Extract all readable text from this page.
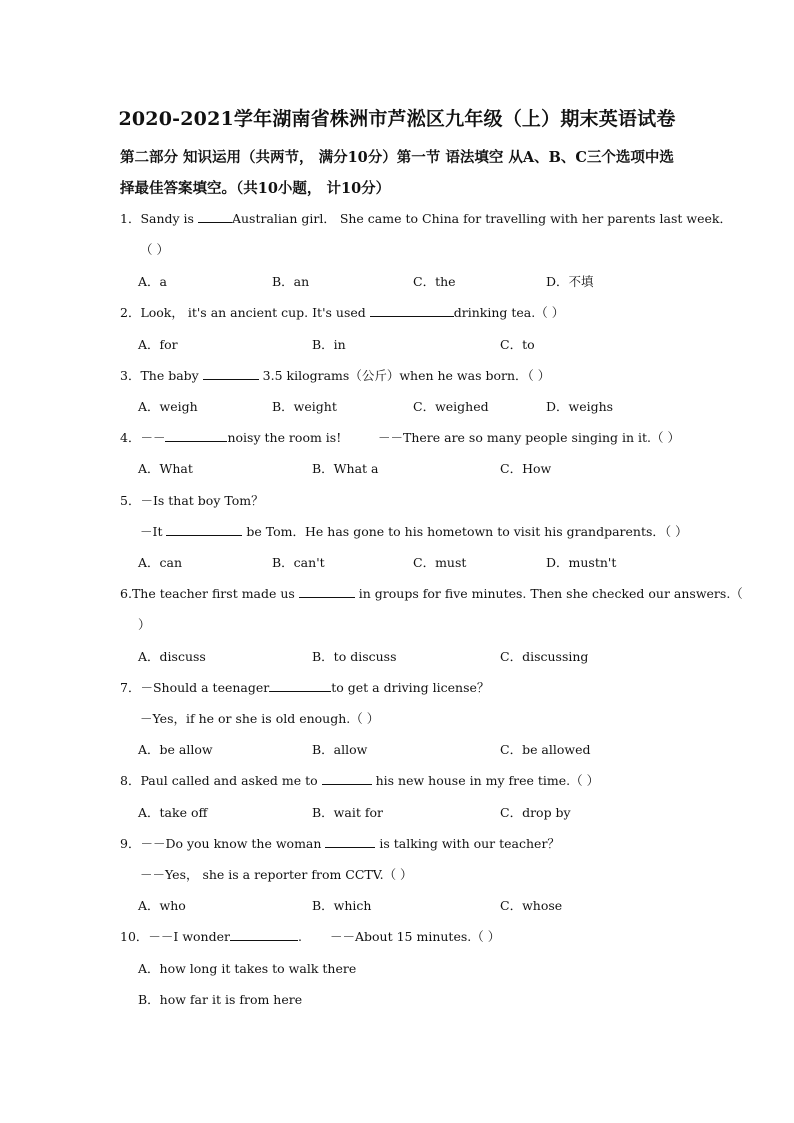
2020-2021学年湖南省株洲市芦淞区九年级（上）期末英语试卷
第二部分 知识运用（共两节， 满分10分）第一节 语法填空 从A、B、C三个选项中选
择最佳答案填空。（共10小题， 计10分）
1．Sandy is	Australian girl． She came to China for travelling with her parents last week．
（ ）
A．a	B．an	C．the	D．不填
2．Look， it's an ancient cup. It's used	drinking tea.（ ）
A．for	B．in	C．to
3．The baby	3.5 kilograms（公斤）when he was born．（ ）
A．weigh	B．weight	C．weighed	D．weighs
4．－－	noisy the room is!	－－There are so many people singing in it.（ ）
A．What	B．What a	C．How
5．－Is that boy Tom？
－It	be Tom．He has gone to his hometown to visit his grandparents．（ ）
A．can	B．can't	C．must	D．mustn't
6.The teacher first made us	in groups for five minutes. Then she checked our answers.（
）
A．discuss	B．to discuss	C．discussing
7．－Should a teenager	to get a driving license？
－Yes，if he or she is old enough.（ ）
A．be allow	B．allow	C．be allowed
8．Paul called and asked me to	his new house in my free time.（ ）
A．take off	B．wait for	C．drop by
9．－－Do you know the woman	is talking with our teacher？
－－Yes， she is a reporter from CCTV.（ ）
A．who	B．which	C．whose
10．－－I wonder	. －－About 15 minutes.（ ）
A．how long it takes to walk there
B．how far it is from here
